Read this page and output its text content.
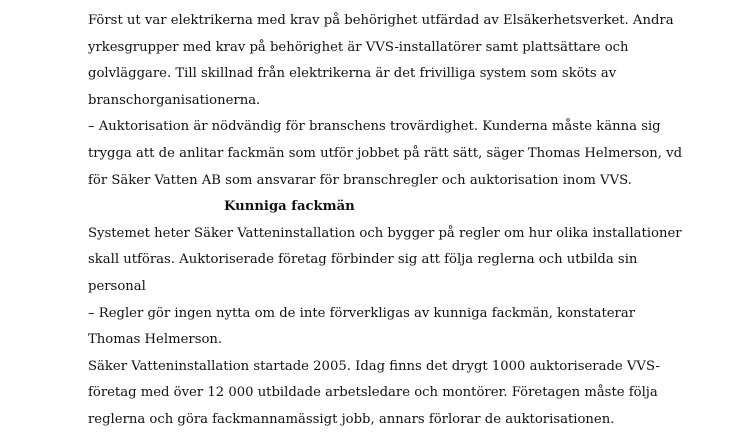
Först ut var elektrikerna med krav på behörighet utfärdad av Elsäkerhetsverket. Andra
yrkesgrupper med krav på behörighet är VVS-installatörer samt plattsättare och
golvläggare. Till skillnad från elektrikerna är det frivilliga system som sköts av
branschorganisationerna.
– Auktorisation är nödvändig för branschens trovärdighet. Kunderna måste känna sig
trygga att de anlitar fackmän som utför jobbet på rätt sätt, säger Thomas Helmerson, vd
för Säker Vatten AB som ansvarar för branschregler och auktorisation inom VVS.
Kunniga fackmän
Systemet heter Säker Vatteninstallation och bygger på regler om hur olika installationer
skall utföras. Auktoriserade företag förbinder sig att följa reglerna och utbilda sin
personal
– Regler gör ingen nytta om de inte förverkligas av kunniga fackmän, konstaterar
Thomas Helmerson.
Säker Vatteninstallation startade 2005. Idag finns det drygt 1000 auktoriserade VVS-
företag med över 12 000 utbildade arbetsledare och montörer. Företagen måste följa
reglerna och göra fackmannamässigt jobb, annars förlorar de auktorisationen.
